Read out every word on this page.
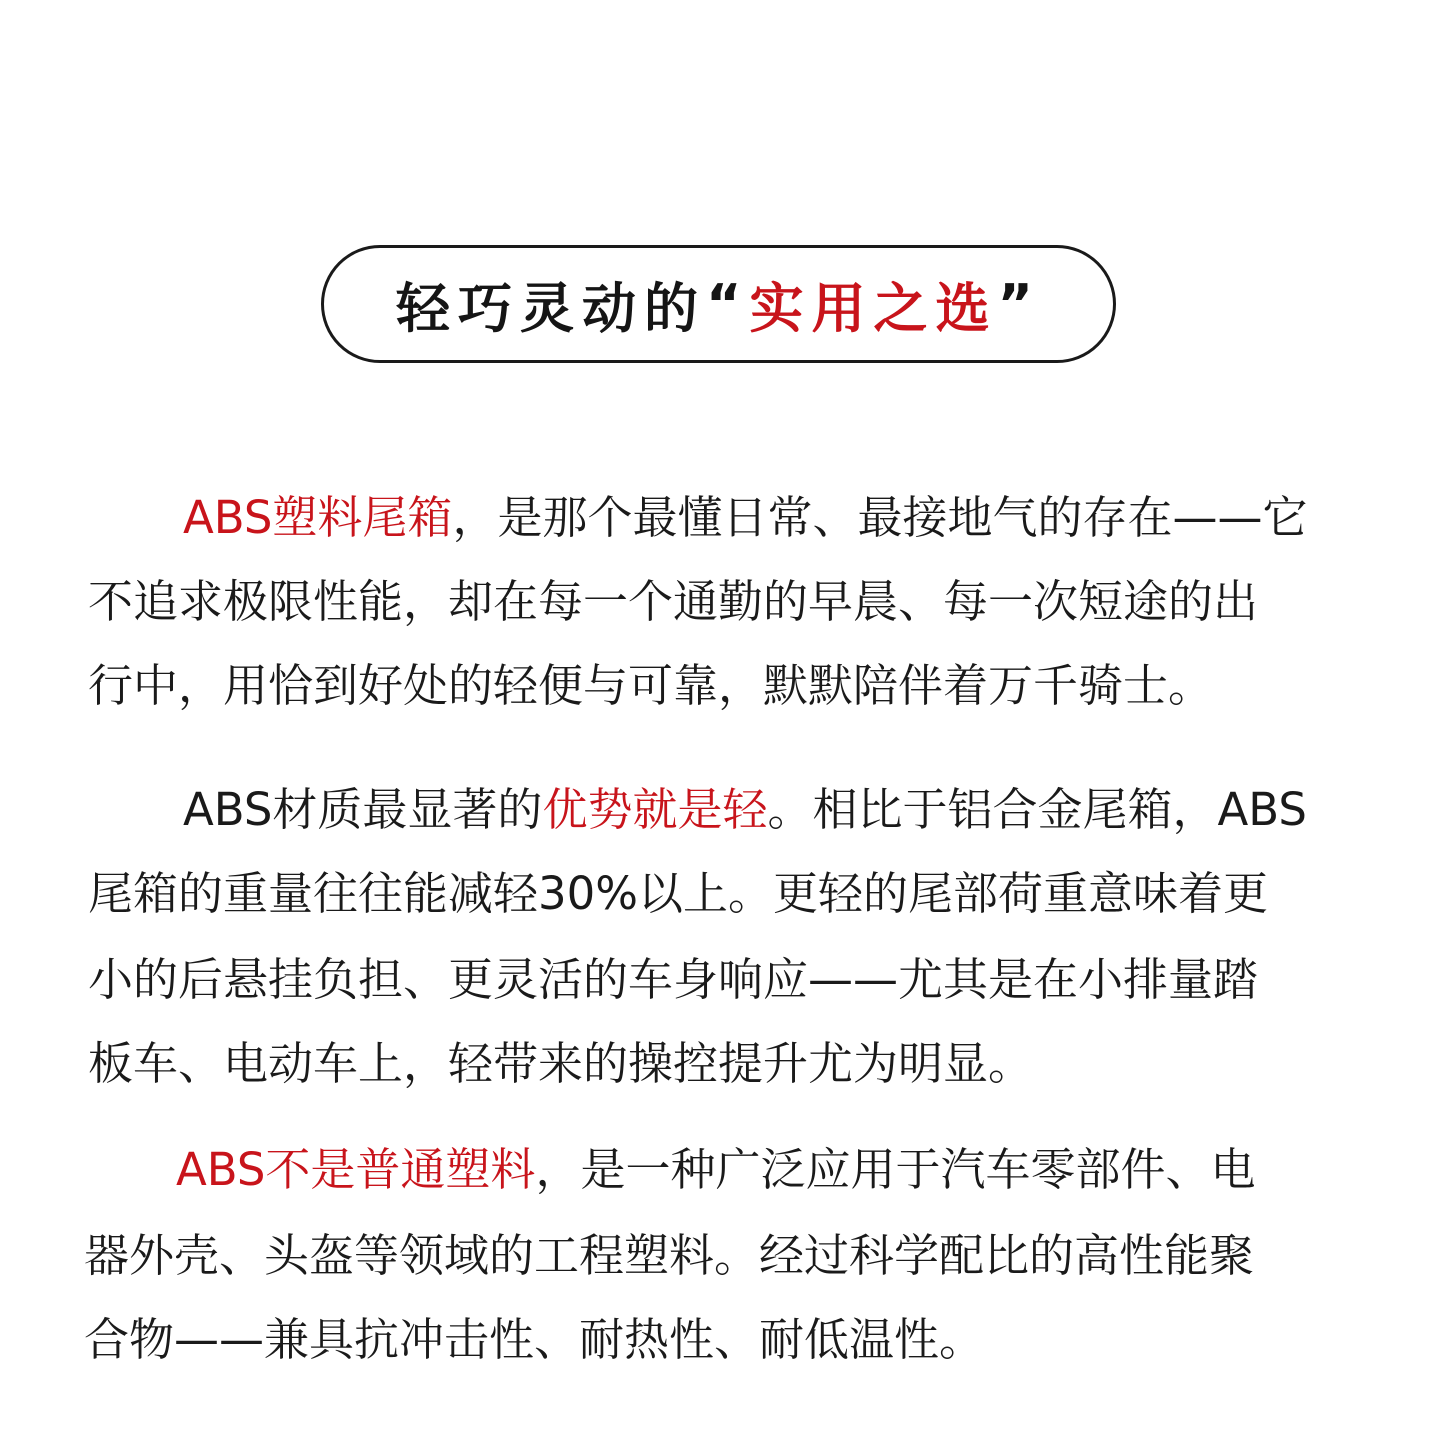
轻巧灵动的 “ 实用之选 ”
ABS塑料尾箱，是那个最懂日常、最接地气的存在——它
不追求极限性能，却在每一个通勤的早晨、每一次短途的出
行中，用恰到好处的轻便与可靠，默默陪伴着万千骑士。
ABS材质最显著的优势就是轻。相比于铝合金尾箱，ABS
尾箱的重量往往能减轻30%以上。更轻的尾部荷重意味着更
小的后悬挂负担、更灵活的车身响应——尤其是在小排量踏
板车、电动车上，轻带来的操控提升尤为明显。
ABS不是普通塑料，是一种广泛应用于汽车零部件、电
器外壳、头盔等领域的工程塑料。经过科学配比的高性能聚
合物——兼具抗冲击性、耐热性、耐低温性。
